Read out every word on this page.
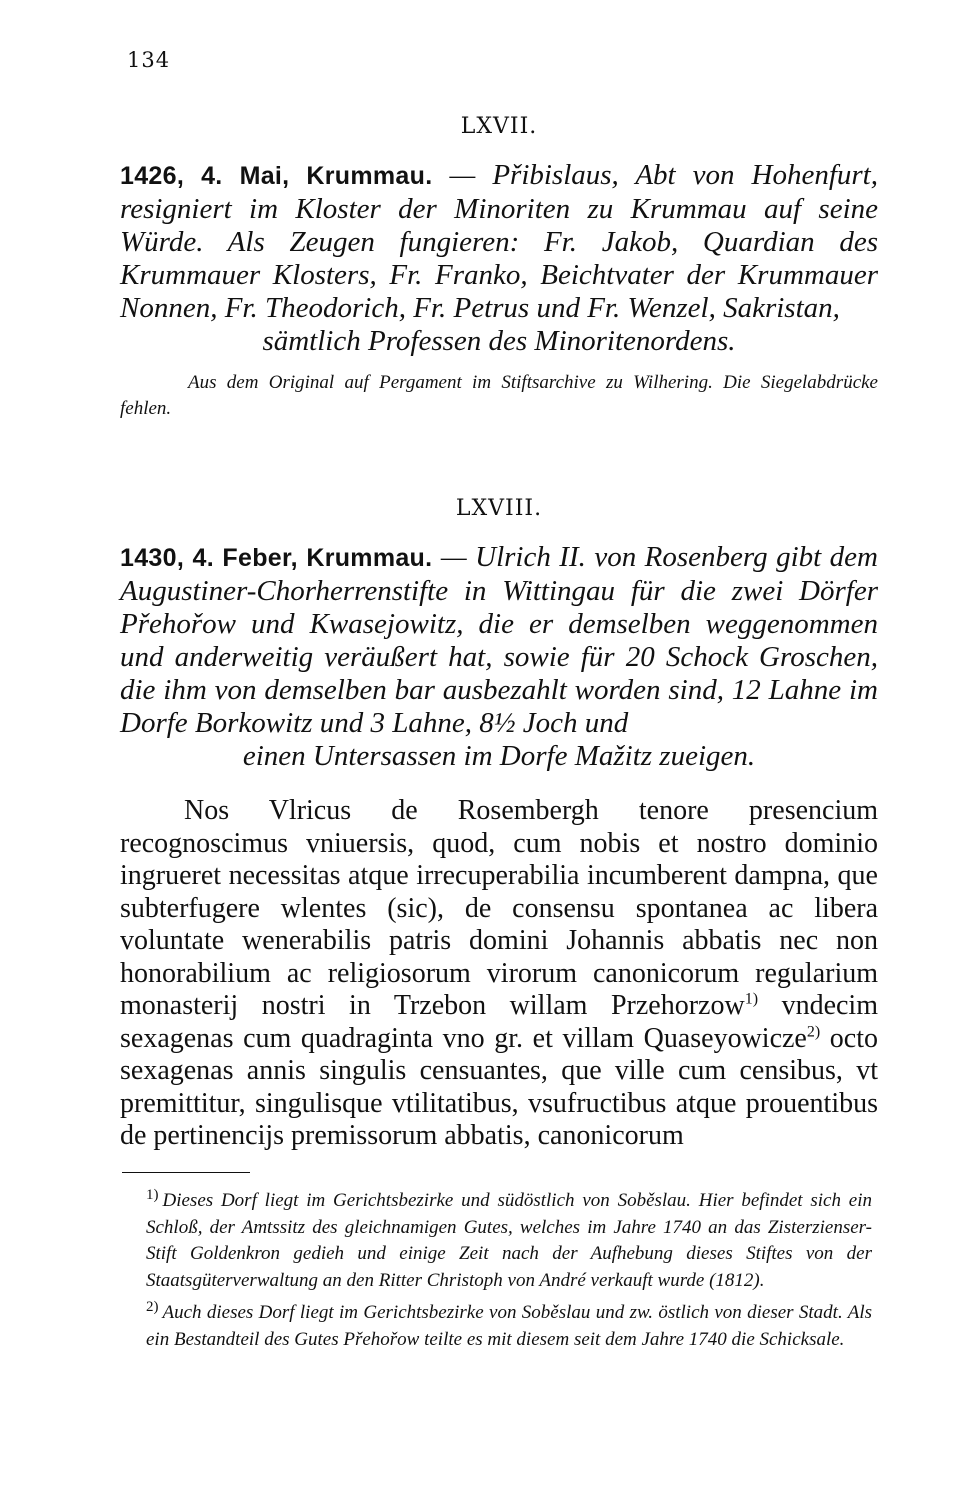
134

LXVII.

1426, 4. Mai, Krummau. — Přibislaus, Abt von Hohenfurt, resigniert im Kloster der Minoriten zu Krummau auf seine Würde. Als Zeugen fungieren: Fr. Jakob, Quardian des Krummauer Klosters, Fr. Franko, Beichtvater der Krummauer Nonnen, Fr. Theodorich, Fr. Petrus und Fr. Wenzel, Sakristan,
sämtlich Professen des Minoritenordens.

Aus dem Original auf Pergament im Stiftsarchive zu Wilhering. Die Siegelabdrücke fehlen.

LXVIII.

1430, 4. Feber, Krummau. — Ulrich II. von Rosenberg gibt dem Augustiner-Chorherrenstifte in Wittingau für die zwei Dörfer Přehořow und Kwasejowitz, die er demselben weggenommen und anderweitig veräußert hat, sowie für 20 Schock Groschen, die ihm von demselben bar ausbezahlt worden sind, 12 Lahne im Dorfe Borkowitz und 3 Lahne, 8½ Joch und
einen Untersassen im Dorfe Mažitz zueigen.

Nos Vlricus de Rosembergh tenore presencium recognoscimus vniuersis, quod, cum nobis et nostro dominio ingrueret necessitas atque irrecuperabilia incumberent dampna, que subterfugere wlentes (sic), de consensu spontanea ac libera voluntate wenerabilis patris domini Johannis abbatis nec non honorabilium ac religiosorum virorum canonicorum regularium monasterij nostri in Trzebon willam Przehorzow$^{1)}$ vndecim sexagenas cum quadraginta vno gr. et villam Quaseyowicze$^{2)}$ octo sexagenas annis singulis censuantes, que ville cum censibus, vt premittitur, singulisque vtilitatibus, vsufructibus atque prouentibus de pertinencijs premissorum abbatis, canonicorum

$^{1)}$ Dieses Dorf liegt im Gerichtsbezirke und südöstlich von Soběslau. Hier befindet sich ein Schloß, der Amtssitz des gleichnamigen Gutes, welches im Jahre 1740 an das Zisterzienser-Stift Goldenkron gedieh und einige Zeit nach der Aufhebung dieses Stiftes von der Staatsgüterverwaltung an den Ritter Christoph von André verkauft wurde (1812).

$^{2)}$ Auch dieses Dorf liegt im Gerichtsbezirke von Soběslau und zw. östlich von dieser Stadt. Als ein Bestandteil des Gutes Přehořow teilte es mit diesem seit dem Jahre 1740 die Schicksale.
